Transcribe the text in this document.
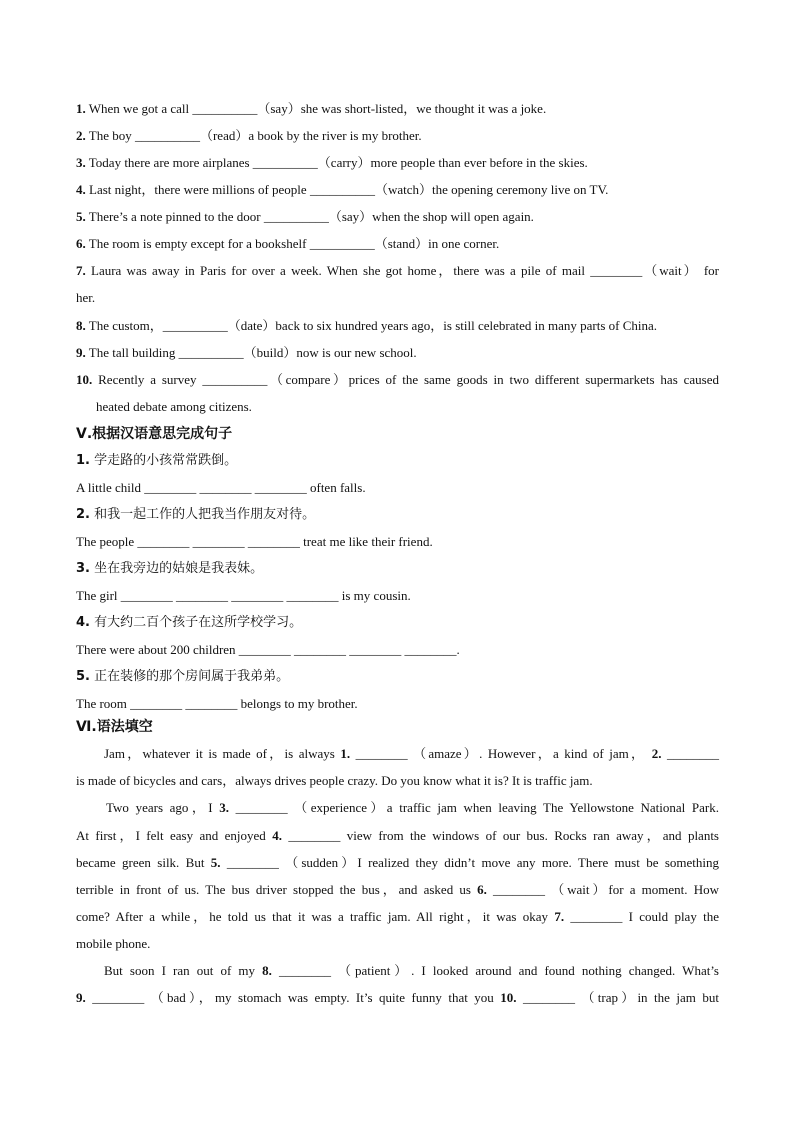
1. When we got a call __________（say）she was short-listed，we thought it was a joke.
2. The boy __________（read）a book by the river is my brother.
3. Today there are more airplanes __________（carry）more people than ever before in the skies.
4. Last night，there were millions of people __________（watch）the opening ceremony live on TV.
5. There’s a note pinned to the door __________（say）when the shop will open again.
6. The room is empty except for a bookshelf __________（stand）in one corner.
7. Laura was away in Paris for over a week. When she got home，there was a pile of mail ________（wait） for
her.
8. The custom，__________（date）back to six hundred years ago，is still celebrated in many parts of China.
9. The tall building __________（build）now is our new school.
10. Recently a survey __________（compare）prices of the same goods in two different supermarkets has caused
heated debate among citizens.
Ⅴ.根据汉语意思完成句子
1. 学走路的小孩常常跌倒。
A little child ________ ________ ________ often falls.
2. 和我一起工作的人把我当作朋友对待。
The people ________ ________ ________ treat me like their friend.
3. 坐在我旁边的姑娘是我表妹。
The girl ________ ________ ________ ________ is my cousin.
4. 有大约二百个孩子在这所学校学习。
There were about 200 children ________ ________ ________ ________.
5. 正在装修的那个房间属于我弟弟。
The room ________ ________ belongs to my brother.
Ⅵ.语法填空
Jam，whatever it is made of，is always 1. ________ （amaze）. However，a kind of jam， 2. ________
is made of bicycles and cars，always drives people crazy. Do you know what it is? It is traffic jam.
Two years ago，I 3. ________ （experience）a traffic jam when leaving The Yellowstone National Park.
At first，I felt easy and enjoyed 4. ________ view from the windows of our bus. Rocks ran away，and plants
became green silk. But 5. ________ （sudden）I realized they didn’t move any more. There must be something
terrible in front of us. The bus driver stopped the bus，and asked us 6. ________ （wait）for a moment. How
come? After a while，he told us that it was a traffic jam. All right，it was okay 7. ________ I could play the
mobile phone.
But soon I ran out of my 8. ________ （patient）. I looked around and found nothing changed. What’s
9. ________ （bad），my stomach was empty. It’s quite funny that you 10. ________ （trap）in the jam but
